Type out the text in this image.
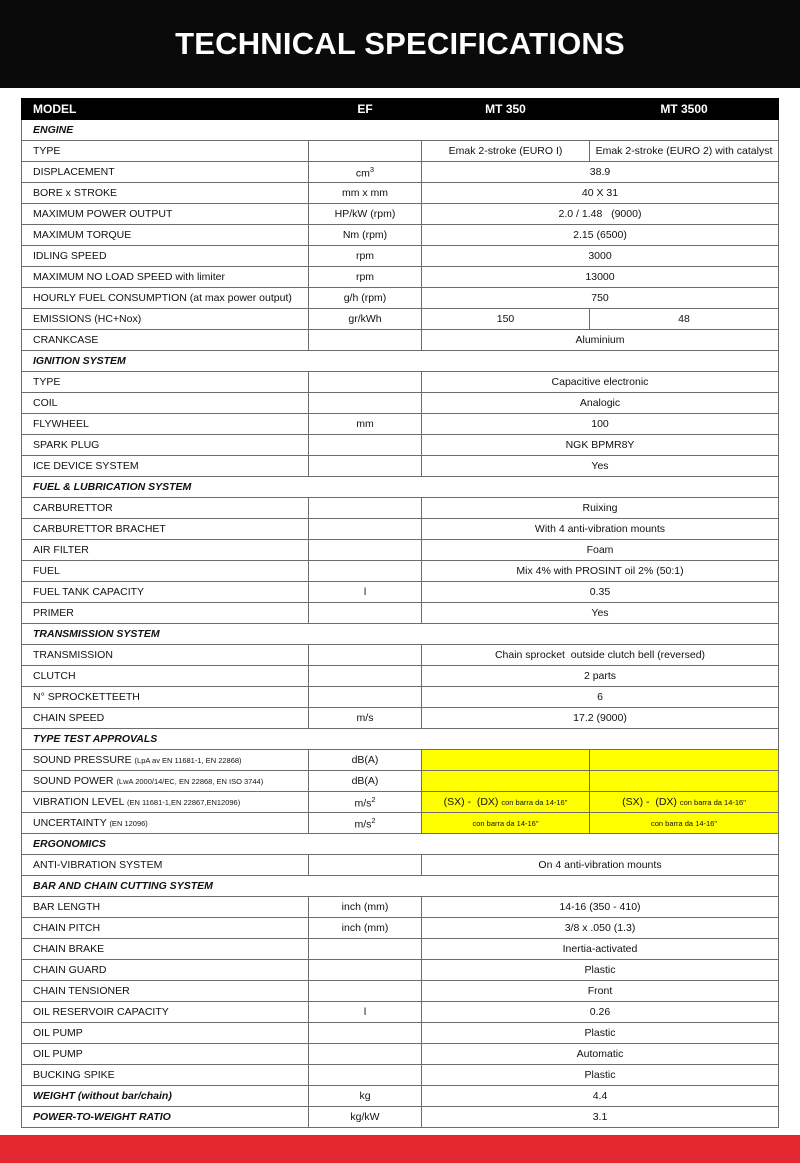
TECHNICAL SPECIFICATIONS
MODEL	EF	MT 350	MT 3500
ENGINE			
TYPE		Emak 2-stroke (EURO I)	Emak 2-stroke (EURO 2) with catalyst
DISPLACEMENT	$cm^3$	38.9	
BORE x STROKE	mm x mm	40 X 31	
MAXIMUM POWER OUTPUT	HP/kW (rpm)	2.0 / 1.48   (9000)	
MAXIMUM TORQUE	Nm (rpm)	2.15 (6500)	
IDLING SPEED	rpm	3000	
MAXIMUM NO LOAD SPEED with limiter	rpm	13000	
HOURLY FUEL CONSUMPTION (at max power output)	g/h (rpm)	750	
EMISSIONS (HC+Nox)	gr/kWh	150	48
CRANKCASE		Aluminium	
IGNITION SYSTEM			
TYPE		Capacitive electronic	
COIL		Analogic	
FLYWHEEL	mm	100	
SPARK PLUG		NGK BPMR8Y	
ICE DEVICE SYSTEM		Yes	
FUEL & LUBRICATION SYSTEM			
CARBURETTOR		Ruixing	
CARBURETTOR BRACHET		With 4 anti-vibration mounts	
AIR FILTER		Foam	
FUEL		Mix 4% with PROSINT oil 2% (50:1)	
FUEL TANK CAPACITY	l	0.35	
PRIMER		Yes	
TRANSMISSION SYSTEM			
TRANSMISSION		Chain sprocket  outside clutch bell (reversed)	
CLUTCH		2 parts	
N° SPROCKETTEETH		6	
CHAIN SPEED	m/s	17.2 (9000)	
TYPE TEST APPROVALS			
SOUND PRESSURE (LpA av EN 11681-1, EN 22868)	dB(A)		
SOUND POWER (LwA 2000/14/EC, EN 22868, EN ISO 3744)	dB(A)		
VIBRATION LEVEL (EN 11681-1,EN 22867,EN12096)	$m/s^2$	(SX) -  (DX) con barra da 14-16"	(SX) -  (DX) con barra da 14-16"
UNCERTAINTY (EN 12096)	$m/s^2$	con barra da 14-16"	con barra da 14-16"
ERGONOMICS			
ANTI-VIBRATION SYSTEM		On 4 anti-vibration mounts	
BAR AND CHAIN CUTTING SYSTEM			
BAR LENGTH	inch (mm)	14-16 (350 - 410)	
CHAIN PITCH	inch (mm)	3/8 x .050 (1.3)	
CHAIN BRAKE		Inertia-activated	
CHAIN GUARD		Plastic	
CHAIN TENSIONER		Front	
OIL RESERVOIR CAPACITY	l	0.26	
OIL PUMP		Plastic	
OIL PUMP		Automatic	
BUCKING SPIKE		Plastic	
WEIGHT (without bar/chain)	kg	4.4	
POWER-TO-WEIGHT RATIO	kg/kW	3.1	
